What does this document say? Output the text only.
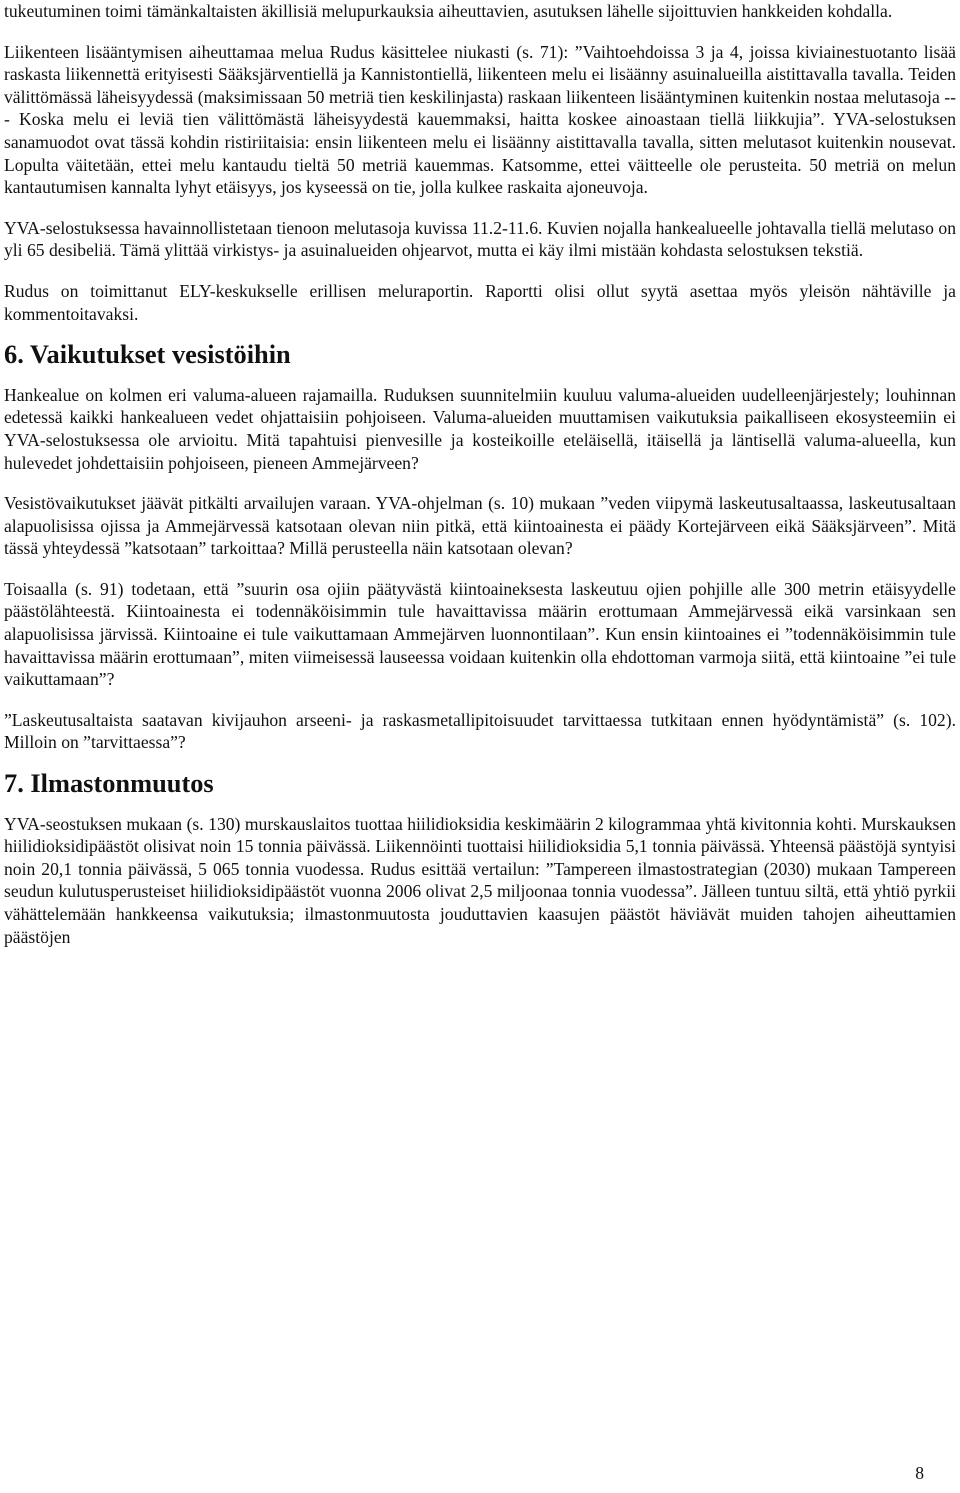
tukeutuminen toimi tämänkaltaisten äkillisiä melupurkauksia aiheuttavien, asutuksen lähelle sijoittuvien hankkeiden kohdalla.

Liikenteen lisääntymisen aiheuttamaa melua Rudus käsittelee niukasti (s. 71): ”Vaihtoehdoissa 3 ja 4, joissa kiviainestuotanto lisää raskasta liikennettä erityisesti Sääksjärventiellä ja Kannistontiellä, liikenteen melu ei lisäänny asuinalueilla aistittavalla tavalla. Teiden välittömässä läheisyydessä (maksimissaan 50 metriä tien keskilinjasta) raskaan liikenteen lisääntyminen kuitenkin nostaa melutasoja --- Koska melu ei leviä tien välittömästä läheisyydestä kauemmaksi, haitta koskee ainoastaan tiellä liikkujia”. YVA-selostuksen sanamuodot ovat tässä kohdin ristiriitaisia: ensin liikenteen melu ei lisäänny aistittavalla tavalla, sitten melutasot kuitenkin nousevat. Lopulta väitetään, ettei melu kantaudu tieltä 50 metriä kauemmas. Katsomme, ettei väitteelle ole perusteita. 50 metriä on melun kantautumisen kannalta lyhyt etäisyys, jos kyseessä on tie, jolla kulkee raskaita ajoneuvoja.

YVA-selostuksessa havainnollistetaan tienoon melutasoja kuvissa 11.2-11.6. Kuvien nojalla hankealueelle johtavalla tiellä melutaso on yli 65 desibeliä. Tämä ylittää virkistys- ja asuinalueiden ohjearvot, mutta ei käy ilmi mistään kohdasta selostuksen tekstiä.

Rudus on toimittanut ELY-keskukselle erillisen meluraportin. Raportti olisi ollut syytä asettaa myös yleisön nähtäville ja kommentoitavaksi.

6. Vaikutukset vesistöihin

Hankealue on kolmen eri valuma-alueen rajamailla. Ruduksen suunnitelmiin kuuluu valuma-alueiden uudelleenjärjestely; louhinnan edetessä kaikki hankealueen vedet ohjattaisiin pohjoiseen. Valuma-alueiden muuttamisen vaikutuksia paikalliseen ekosysteemiin ei YVA-selostuksessa ole arvioitu. Mitä tapahtuisi pienvesille ja kosteikoille eteläisellä, itäisellä ja läntisellä valuma-alueella, kun hulevedet johdettaisiin pohjoiseen, pieneen Ammejärveen?

Vesistövaikutukset jäävät pitkälti arvailujen varaan. YVA-ohjelman (s. 10) mukaan ”veden viipymä laskeutusaltaassa, laskeutusaltaan alapuolisissa ojissa ja Ammejärvessä katsotaan olevan niin pitkä, että kiintoainesta ei päädy Kortejärveen eikä Sääksjärveen”. Mitä tässä yhteydessä ”katsotaan” tarkoittaa? Millä perusteella näin katsotaan olevan?

Toisaalla (s. 91) todetaan, että ”suurin osa ojiin päätyvästä kiintoaineksesta laskeutuu ojien pohjille alle 300 metrin etäisyydelle päästölähteestä. Kiintoainesta ei todennäköisimmin tule havaittavissa määrin erottumaan Ammejärvessä eikä varsinkaan sen alapuolisissa järvissä. Kiintoaine ei tule vaikuttamaan Ammejärven luonnontilaan”. Kun ensin kiintoaines ei ”todennäköisimmin tule havaittavissa määrin erottumaan”, miten viimeisessä lauseessa voidaan kuitenkin olla ehdottoman varmoja siitä, että kiintoaine ”ei tule vaikuttamaan”?

”Laskeutusaltaista saatavan kivijauhon arseeni- ja raskasmetallipitoisuudet tarvittaessa tutkitaan ennen hyödyntämistä” (s. 102). Milloin on ”tarvittaessa”?

7. Ilmastonmuutos

YVA-seostuksen mukaan (s. 130) murskauslaitos tuottaa hiilidioksidia keskimäärin 2 kilogrammaa yhtä kivitonnia kohti. Murskauksen hiilidioksidipäästöt olisivat noin 15 tonnia päivässä. Liikennöinti tuottaisi hiilidioksidia 5,1 tonnia päivässä. Yhteensä päästöjä syntyisi noin 20,1 tonnia päivässä, 5 065 tonnia vuodessa. Rudus esittää vertailun: ”Tampereen ilmastostrategian (2030) mukaan Tampereen seudun kulutusperusteiset hiilidioksidipäästöt vuonna 2006 olivat 2,5 miljoonaa tonnia vuodessa”. Jälleen tuntuu siltä, että yhtiö pyrkii vähättelemään hankkeensa vaikutuksia; ilmastonmuutosta jouduttavien kaasujen päästöt häviävät muiden tahojen aiheuttamien päästöjen

8
